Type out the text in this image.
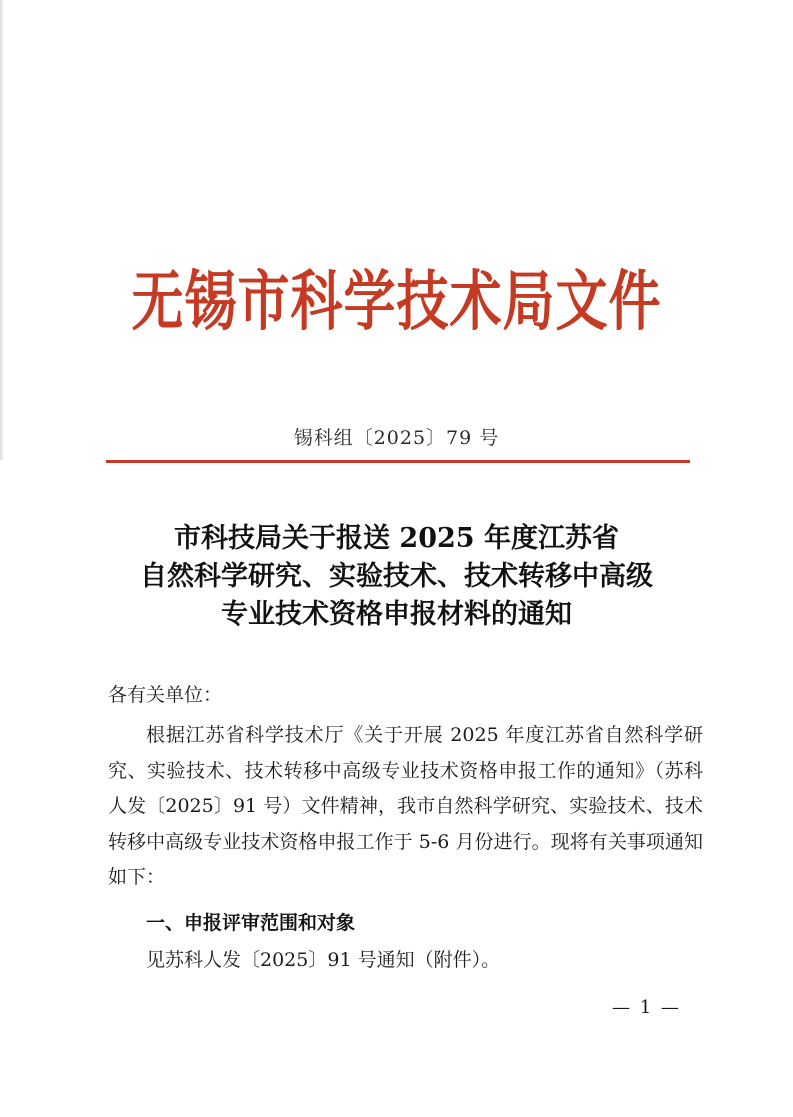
无锡市科学技术局文件
锡科组〔2025〕79 号
市科技局关于报送 2025 年度江苏省
自然科学研究、实验技术、技术转移中高级
专业技术资格申报材料的通知
各有关单位：
根据江苏省科学技术厅《关于开展 2025 年度江苏省自然科学研究、实验技术、技术转移中高级专业技术资格申报工作的通知》（苏科人发〔2025〕91 号）文件精神，我市自然科学研究、实验技术、技术转移中高级专业技术资格申报工作于 5-6 月份进行。现将有关事项通知如下：
一、申报评审范围和对象
见苏科人发〔2025〕91 号通知（附件）。
— 1 —
